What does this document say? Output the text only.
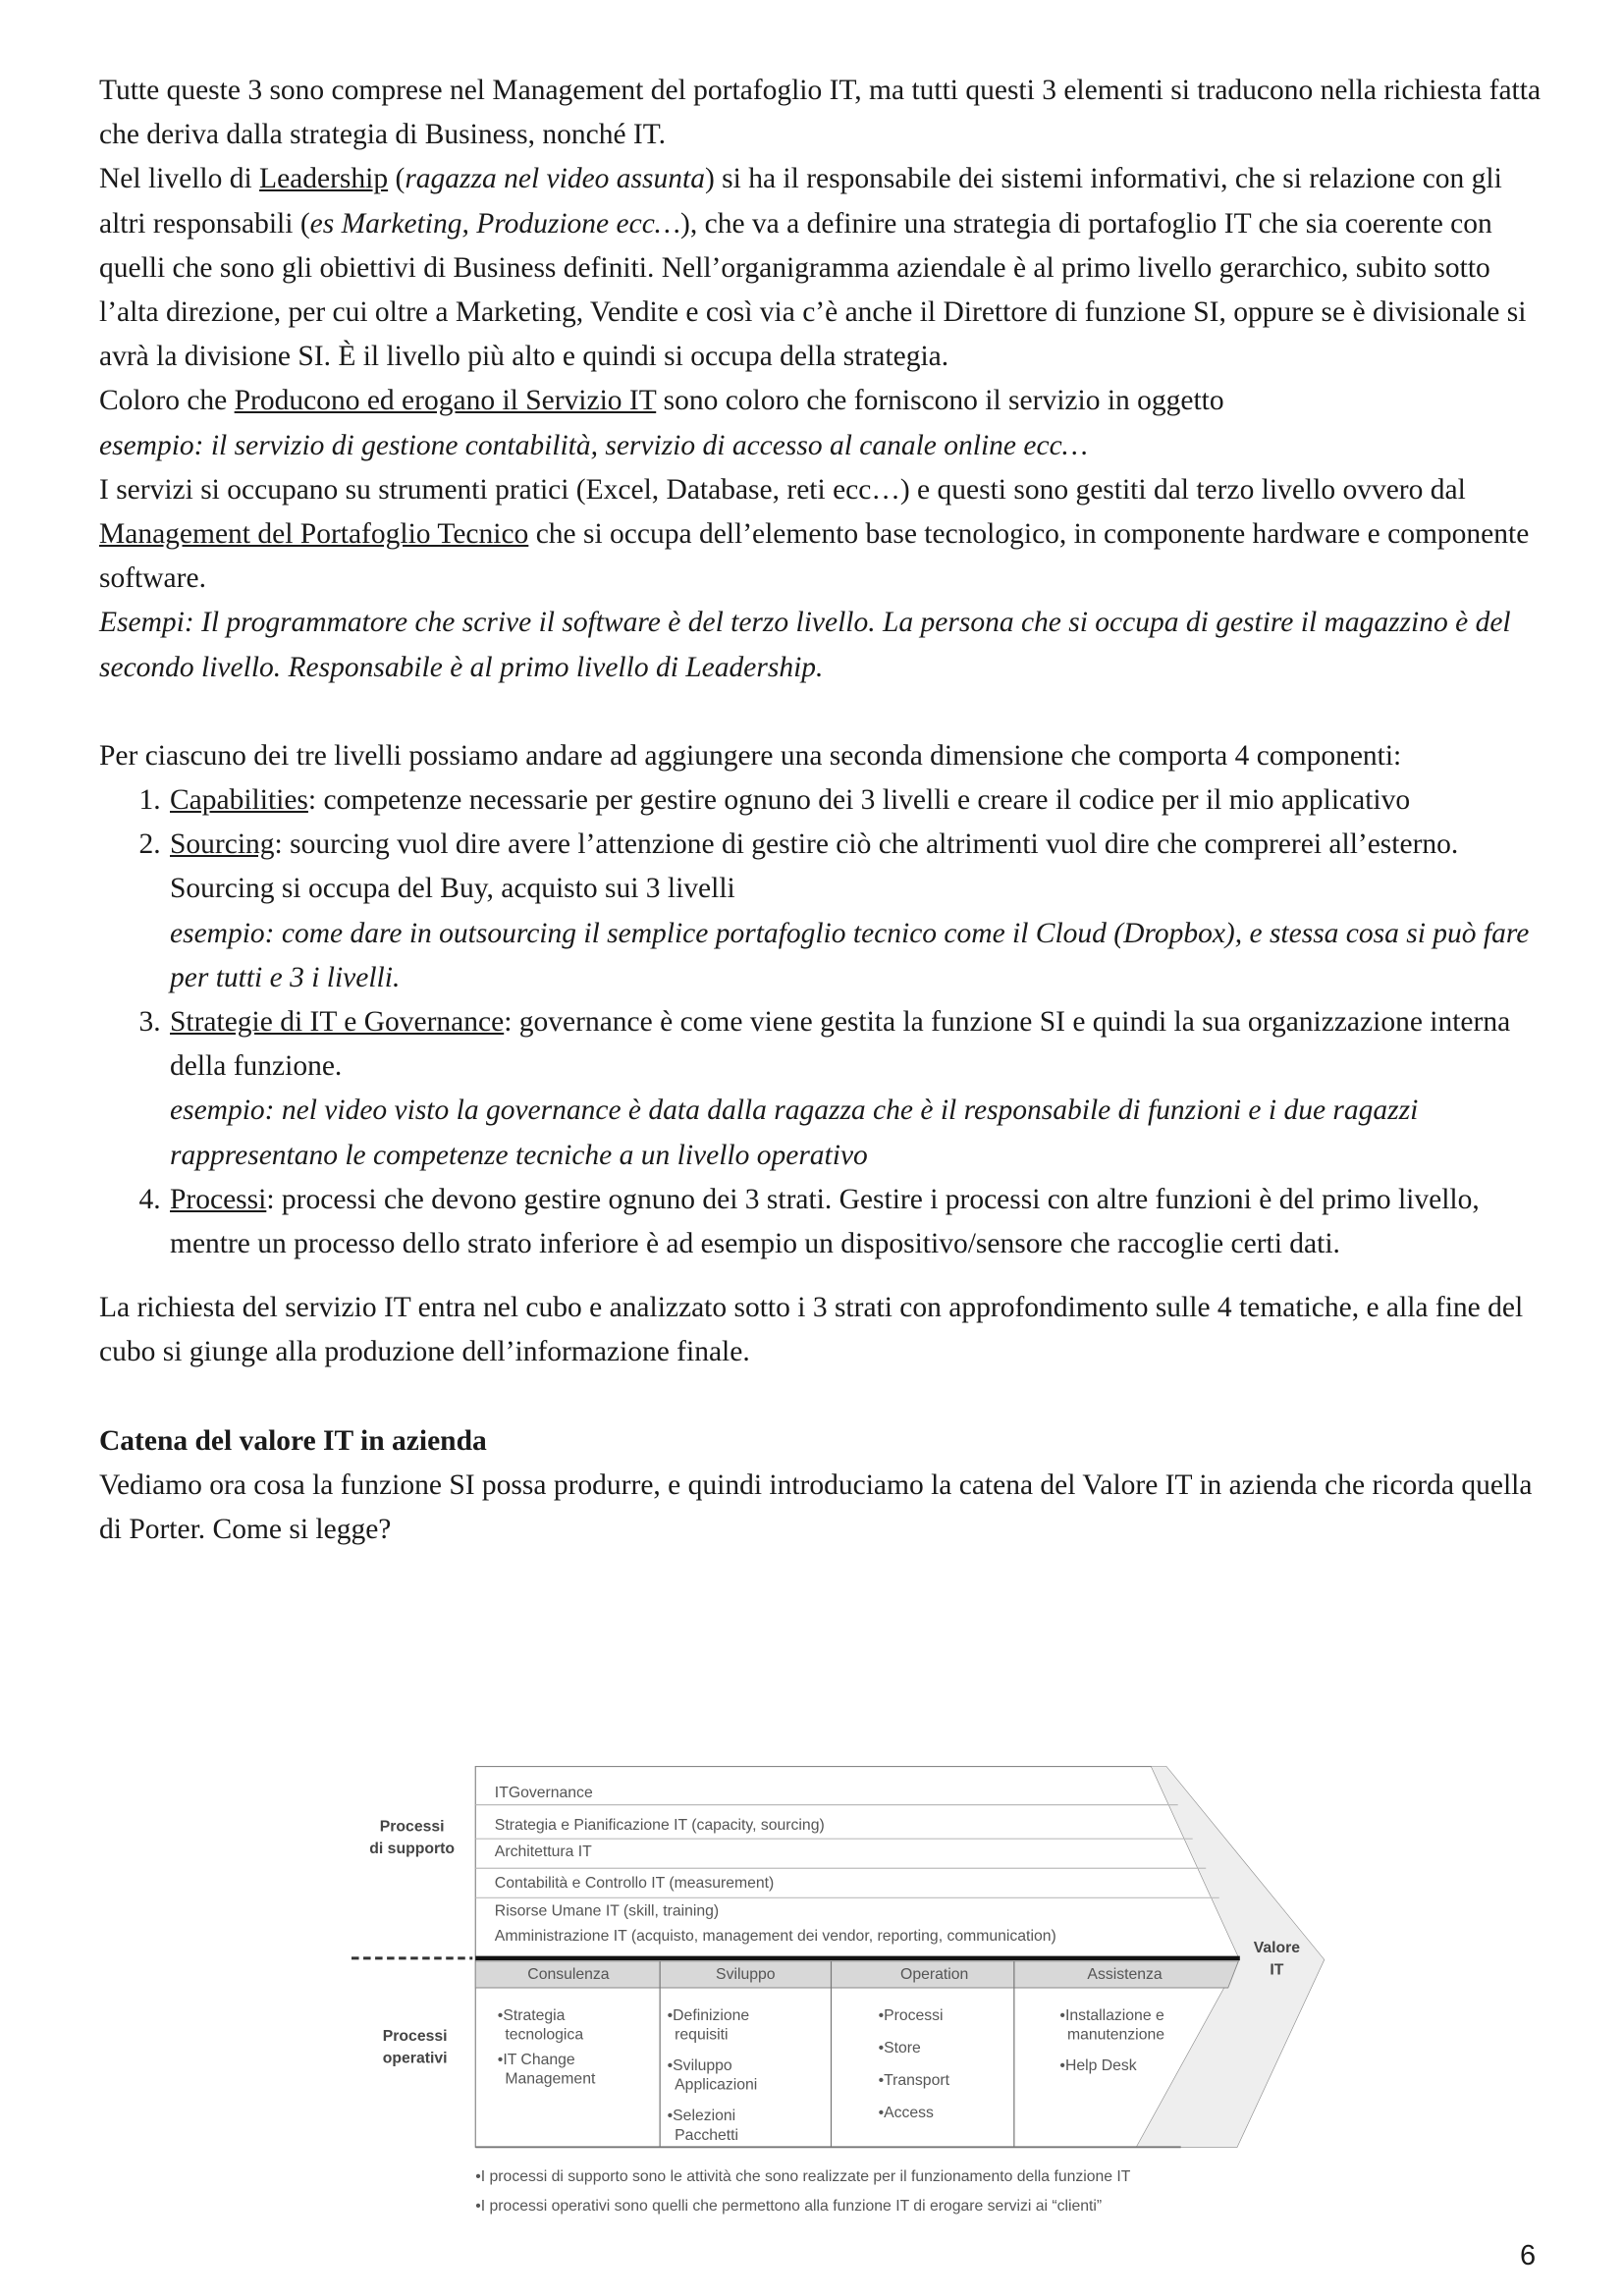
Tutte queste 3 sono comprese nel Management del portafoglio IT, ma tutti questi 3 elementi si traducono nella richiesta fatta che deriva dalla strategia di Business, nonché IT.

Nel livello di Leadership (ragazza nel video assunta) si ha il responsabile dei sistemi informativi, che si relazione con gli altri responsabili (es Marketing, Produzione ecc…), che va a definire una strategia di portafoglio IT che sia coerente con quelli che sono gli obiettivi di Business definiti. Nell’organigramma aziendale è al primo livello gerarchico, subito sotto l’alta direzione, per cui oltre a Marketing, Vendite e così via c’è anche il Direttore di funzione SI, oppure se è divisionale si avrà la divisione SI. È il livello più alto e quindi si occupa della strategia.

Coloro che Producono ed erogano il Servizio IT sono coloro che forniscono il servizio in oggetto

esempio: il servizio di gestione contabilità, servizio di accesso al canale online ecc…

I servizi si occupano su strumenti pratici (Excel, Database, reti ecc…) e questi sono gestiti dal terzo livello ovvero dal Management del Portafoglio Tecnico che si occupa dell’elemento base tecnologico, in componente hardware e componente software.

Esempi: Il programmatore che scrive il software è del terzo livello. La persona che si occupa di gestire il magazzino è del secondo livello. Responsabile è al primo livello di Leadership.

Per ciascuno dei tre livelli possiamo andare ad aggiungere una seconda dimensione che comporta 4 componenti:

1. Capabilities: competenze necessarie per gestire ognuno dei 3 livelli e creare il codice per il mio applicativo
2. Sourcing: sourcing vuol dire avere l’attenzione di gestire ciò che altrimenti vuol dire che comprerei all’esterno. Sourcing si occupa del Buy, acquisto sui 3 livelli
esempio: come dare in outsourcing il semplice portafoglio tecnico come il Cloud (Dropbox), e stessa cosa si può fare per tutti e 3 i livelli.
3. Strategie di IT e Governance: governance è come viene gestita la funzione SI e quindi la sua organizzazione interna della funzione.
esempio: nel video visto la governance è data dalla ragazza che è il responsabile di funzioni e i due ragazzi rappresentano le competenze tecniche a un livello operativo
4. Processi: processi che devono gestire ognuno dei 3 strati. Gestire i processi con altre funzioni è del primo livello, mentre un processo dello strato inferiore è ad esempio un dispositivo/sensore che raccoglie certi dati.

La richiesta del servizio IT entra nel cubo e analizzato sotto i 3 strati con approfondimento sulle 4 tematiche, e alla fine del cubo si giunge alla produzione dell’informazione finale.

Catena del valore IT in azienda

Vediamo ora cosa la funzione SI possa produrre, e quindi introduciamo la catena del Valore IT in azienda che ricorda quella di Porter. Come si legge?

Processi
di supporto
Processi
operativi
Valore
IT
ITGovernance
Strategia e Pianificazione IT (capacity, sourcing)
Architettura IT
Contabilità e Controllo IT (measurement)
Risorse Umane IT (skill, training)
Amministrazione IT (acquisto, management dei vendor, reporting, communication)
Consulenza
•Strategia
tecnologica
•IT Change
Management
Sviluppo
•Definizione
requisiti
•Sviluppo
Applicazioni
•Selezioni
Pacchetti
Operation
•Processi
•Store
•Transport
•Access
Assistenza
•Installazione e
manutenzione
•Help Desk
•I processi di supporto sono le attività che sono realizzate per il funzionamento della funzione IT
•I processi operativi sono quelli che permettono alla funzione IT di erogare servizi ai “clienti”
6
